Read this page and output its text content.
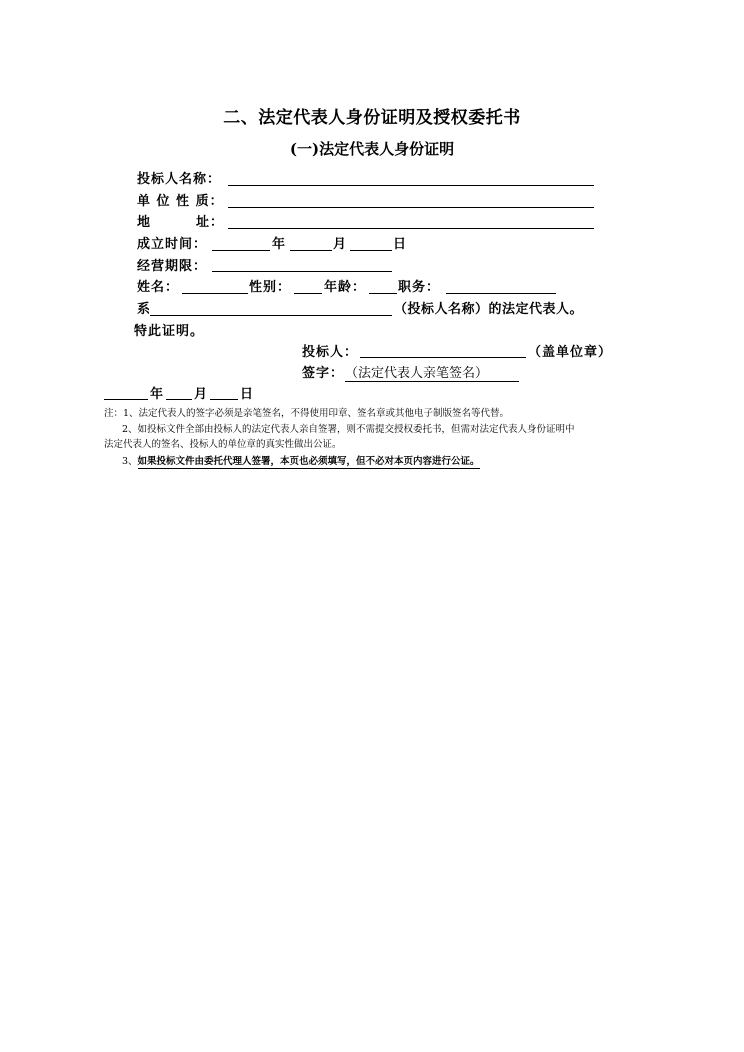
二、法定代表人身份证明及授权委托书
(一)法定代表人身份证明
投标人名称：
单 位 性 质：
地	址：
成立时间：	年	月	日
经营期限：
姓名：	性别：	年龄： 职务：
系	（投标人名称）的法定代表人。
特此证明。
投标人：	（盖单位章）
签字： （法定代表人亲笔签名）
年 月 日
注：1、法定代表人的签字必须是亲笔签名，不得使用印章、签名章或其他电子制版签名等代替。
2、如投标文件全部由投标人的法定代表人亲自签署，则不需提交授权委托书，但需对法定代表人身份证明中
法定代表人的签名、投标人的单位章的真实性做出公证。
3、如果投标文件由委托代理人签署，本页也必须填写，但不必对本页内容进行公证。
